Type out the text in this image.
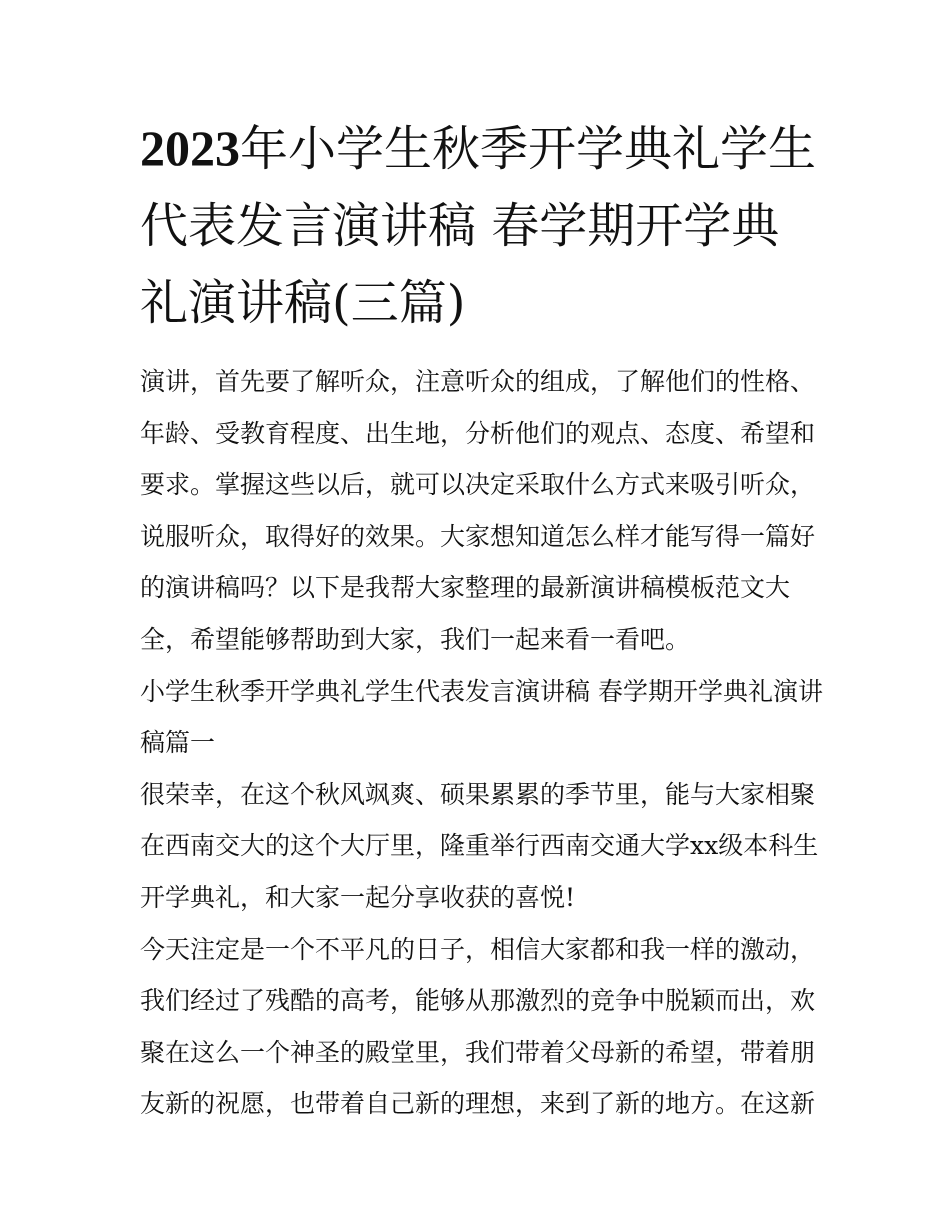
2023年小学生秋季开学典礼学生代表发言演讲稿 春学期开学典礼演讲稿(三篇)

演讲，首先要了解听众，注意听众的组成，了解他们的性格、年龄、受教育程度、出生地，分析他们的观点、态度、希望和要求。掌握这些以后，就可以决定采取什么方式来吸引听众，说服听众，取得好的效果。大家想知道怎么样才能写得一篇好的演讲稿吗？以下是我帮大家整理的最新演讲稿模板范文大全，希望能够帮助到大家，我们一起来看一看吧。

小学生秋季开学典礼学生代表发言演讲稿 春学期开学典礼演讲稿篇一

很荣幸，在这个秋风飒爽、硕果累累的季节里，能与大家相聚在西南交大的这个大厅里，隆重举行西南交通大学xx级本科生开学典礼，和大家一起分享收获的喜悦!

今天注定是一个不平凡的日子，相信大家都和我一样的激动，我们经过了残酷的高考，能够从那激烈的竞争中脱颖而出，欢聚在这么一个神圣的殿堂里，我们带着父母新的希望，带着朋友新的祝愿，也带着自己新的理想，来到了新的地方。在这新
